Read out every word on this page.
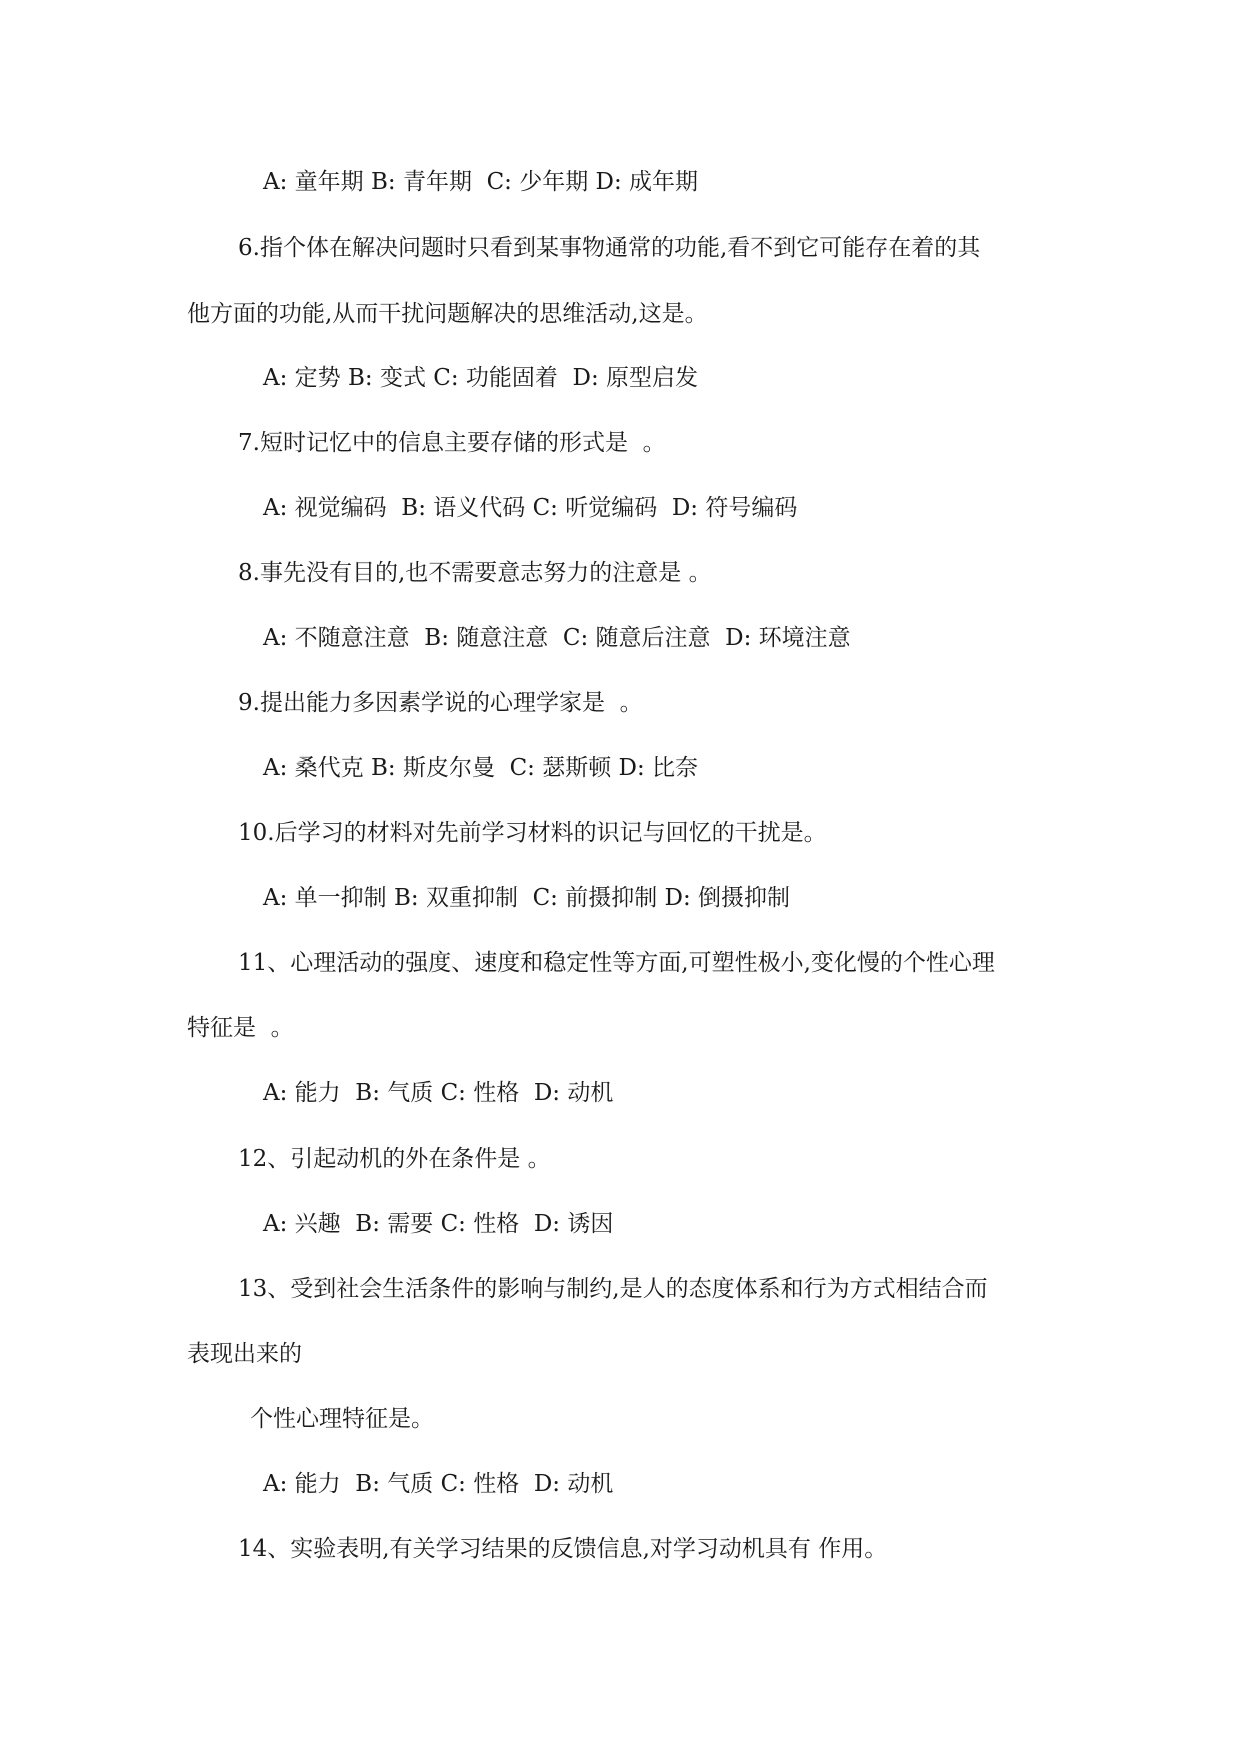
A: 童年期 B: 青年期  C: 少年期 D: 成年期
6.指个体在解决问题时只看到某事物通常的功能,看不到它可能存在着的其
他方面的功能,从而干扰问题解决的思维活动,这是。
A: 定势 B: 变式 C: 功能固着  D: 原型启发
7.短时记忆中的信息主要存储的形式是  。
A: 视觉编码  B: 语义代码 C: 听觉编码  D: 符号编码
8.事先没有目的,也不需要意志努力的注意是 。
A: 不随意注意  B: 随意注意  C: 随意后注意  D: 环境注意
9.提出能力多因素学说的心理学家是  。
A: 桑代克 B: 斯皮尔曼  C: 瑟斯顿 D: 比奈
10.后学习的材料对先前学习材料的识记与回忆的干扰是。
A: 单一抑制 B: 双重抑制  C: 前摄抑制 D: 倒摄抑制
11、心理活动的强度、速度和稳定性等方面,可塑性极小,变化慢的个性心理
特征是  。
A: 能力  B: 气质 C: 性格  D: 动机
12、引起动机的外在条件是 。
A: 兴趣  B: 需要 C: 性格  D: 诱因
13、受到社会生活条件的影响与制约,是人的态度体系和行为方式相结合而
表现出来的
个性心理特征是。
A: 能力  B: 气质 C: 性格  D: 动机
14、实验表明,有关学习结果的反馈信息,对学习动机具有 作用。
